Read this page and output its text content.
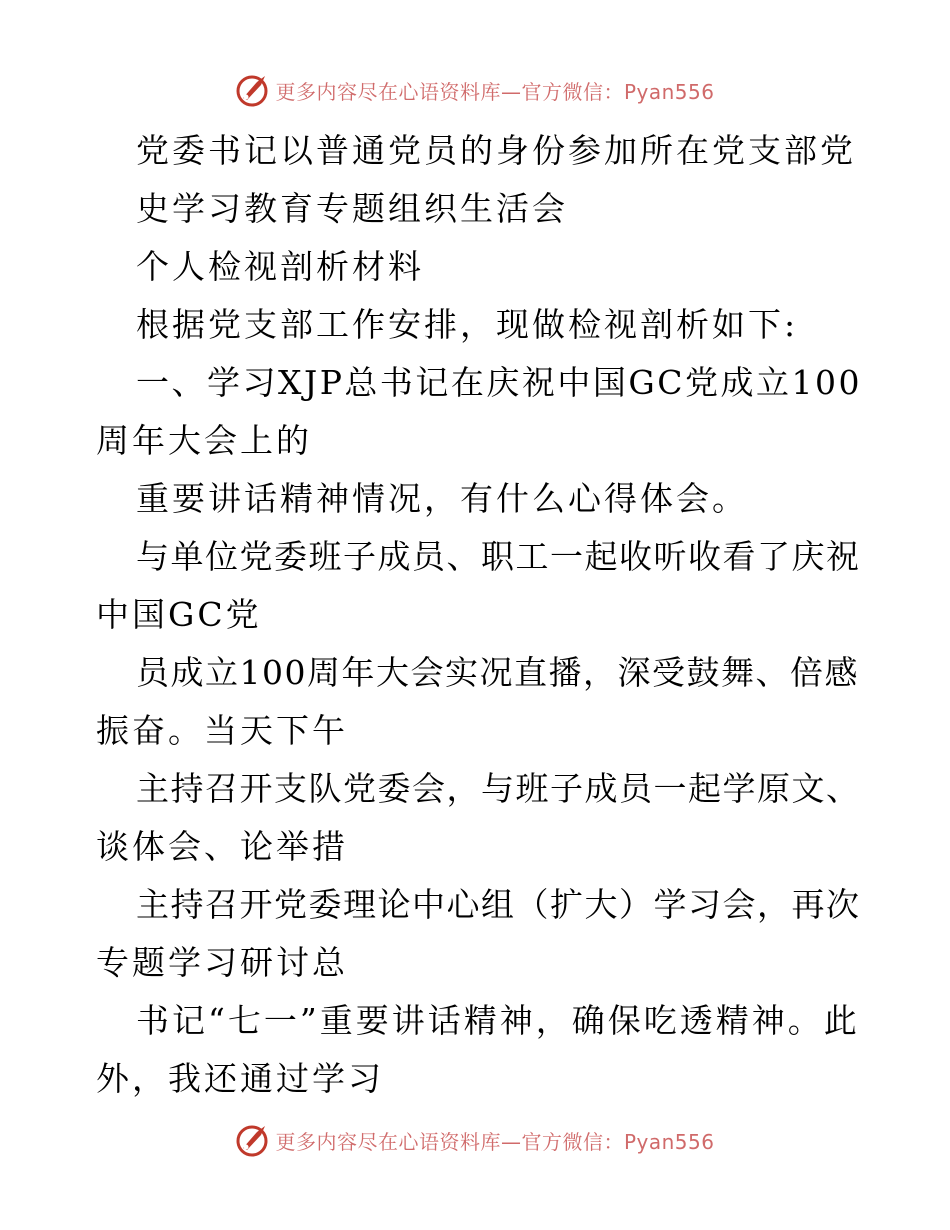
更多内容尽在心语资料库—官方微信：Pyan556
党委书记以普通党员的身份参加所在党支部党
史学习教育专题组织生活会
个人检视剖析材料
根据党支部工作安排，现做检视剖析如下:
一、学习XJP总书记在庆祝中国GC党成立100
周年大会上的
重要讲话精神情况，有什么心得体会。
与单位党委班子成员、职工一起收听收看了庆祝
中国GC党
员成立100周年大会实况直播，深受鼓舞、倍感
振奋。当天下午
主持召开支队党委会，与班子成员一起学原文、
谈体会、论举措
主持召开党委理论中心组（扩大）学习会，再次
专题学习研讨总
书记“七一”重要讲话精神，确保吃透精神。此
外，我还通过学习
更多内容尽在心语资料库—官方微信：Pyan556
